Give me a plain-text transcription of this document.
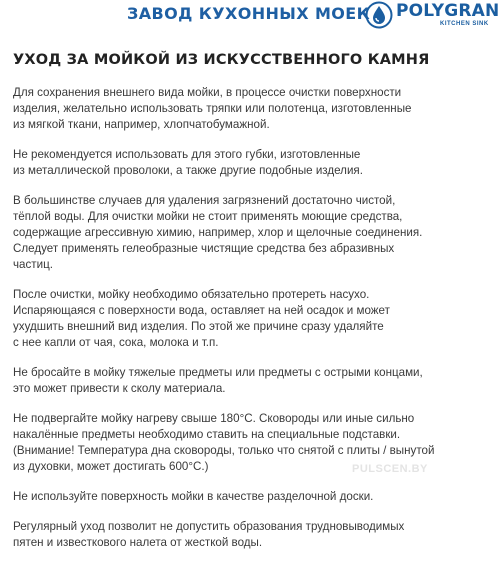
ЗАВОД КУХОННЫХ МОЕК POLYGRAN
KITCHEN SINK
УХОД ЗА МОЙКОЙ ИЗ ИСКУССТВЕННОГО КАМНЯ

Для сохранения внешнего вида мойки, в процессе очистки поверхности
изделия, желательно использовать тряпки или полотенца, изготовленные
из мягкой ткани, например, хлопчатобумажной.

Не рекомендуется использовать для этого губки, изготовленные
из металлической проволоки, а также другие подобные изделия.

В большинстве случаев для удаления загрязнений достаточно чистой,
тёплой воды. Для очистки мойки не стоит применять моющие средства,
содержащие агрессивную химию, например, хлор и щелочные соединения.
Следует применять гелеобразные чистящие средства без абразивных
частиц.

После очистки, мойку необходимо обязательно протереть насухо.
Испаряющаяся с поверхности вода, оставляет на ней осадок и может
ухудшить внешний вид изделия. По этой же причине сразу удаляйте
с нее капли от чая, сока, молока и т.п.

Не бросайте в мойку тяжелые предметы или предметы с острыми концами,
это может привести к сколу материала.

Не подвергайте мойку нагреву свыше 180°С. Сковороды или иные сильно
накалённые предметы необходимо ставить на специальные подставки.
(Внимание! Температура дна сковороды, только что снятой с плиты / вынутой
из духовки, может достигать 600°С.)

Не используйте поверхность мойки в качестве разделочной доски.

Регулярный уход позволит не допустить образования трудновыводимых
пятен и известкового налета от жесткой воды.

PULSCEN.BY
